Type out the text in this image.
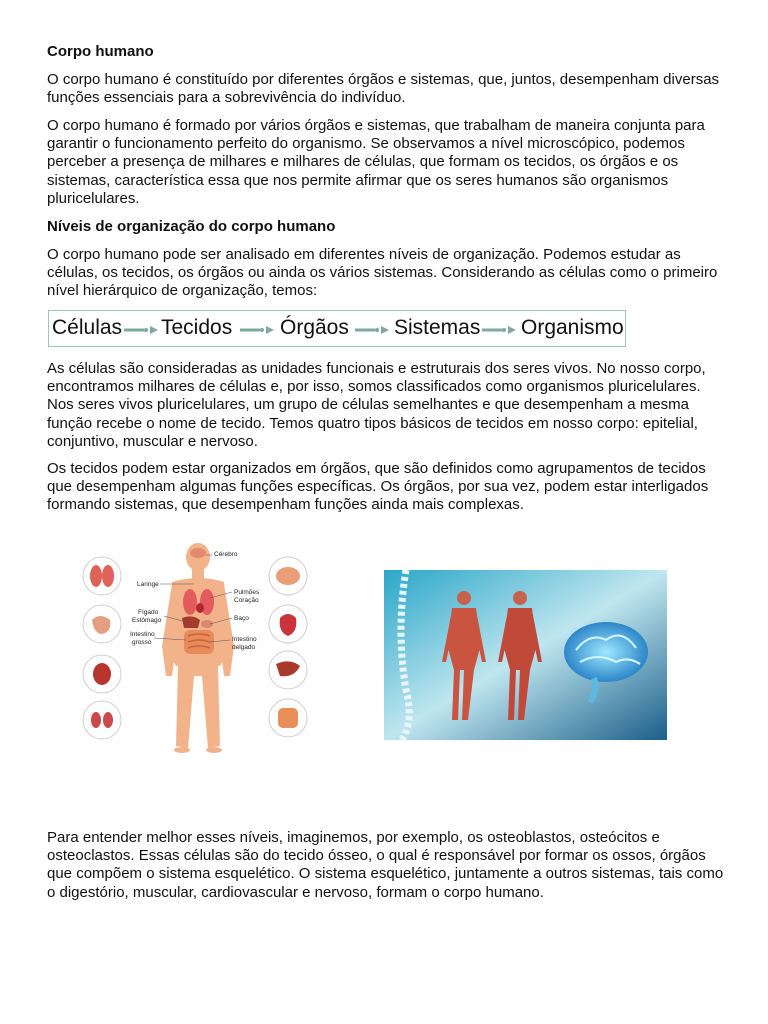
Corpo humano

O corpo humano é constituído por diferentes órgãos e sistemas, que, juntos, desempenham diversas funções essenciais para a sobrevivência do indivíduo.

O corpo humano é formado por vários órgãos e sistemas, que trabalham de maneira conjunta para garantir o funcionamento perfeito do organismo. Se observamos a nível microscópico, podemos perceber a presença de milhares e milhares de células, que formam os tecidos, os órgãos e os sistemas, característica essa que nos permite afirmar que os seres humanos são organismos pluricelulares.

Níveis de organização do corpo humano

O corpo humano pode ser analisado em diferentes níveis de organização. Podemos estudar as células, os tecidos, os órgãos ou ainda os vários sistemas. Considerando as células como o primeiro nível hierárquico de organização, temos:

Células Tecidos Órgãos Sistemas Organismo

As células são consideradas as unidades funcionais e estruturais dos seres vivos. No nosso corpo, encontramos milhares de células e, por isso, somos classificados como organismos pluricelulares. Nos seres vivos pluricelulares, um grupo de células semelhantes e que desempenham a mesma função recebe o nome de tecido. Temos quatro tipos básicos de tecidos em nosso corpo: epitelial, conjuntivo, muscular e nervoso.

Os tecidos podem estar organizados em órgãos, que são definidos como agrupamentos de tecidos que desempenham algumas funções específicas. Os órgãos, por sua vez, podem estar interligados formando sistemas, que desempenham funções ainda mais complexas.

Cérebro
Laringe
Pulmões
Coração
Fígado
Estômago	Baço
Intestino
grosso	Intestino
delgado

Para entender melhor esses níveis, imaginemos, por exemplo, os osteoblastos, osteócitos e osteoclastos. Essas células são do tecido ósseo, o qual é responsável por formar os ossos, órgãos que compõem o sistema esquelético. O sistema esquelético, juntamente a outros sistemas, tais como o digestório, muscular, cardiovascular e nervoso, formam o corpo humano.
